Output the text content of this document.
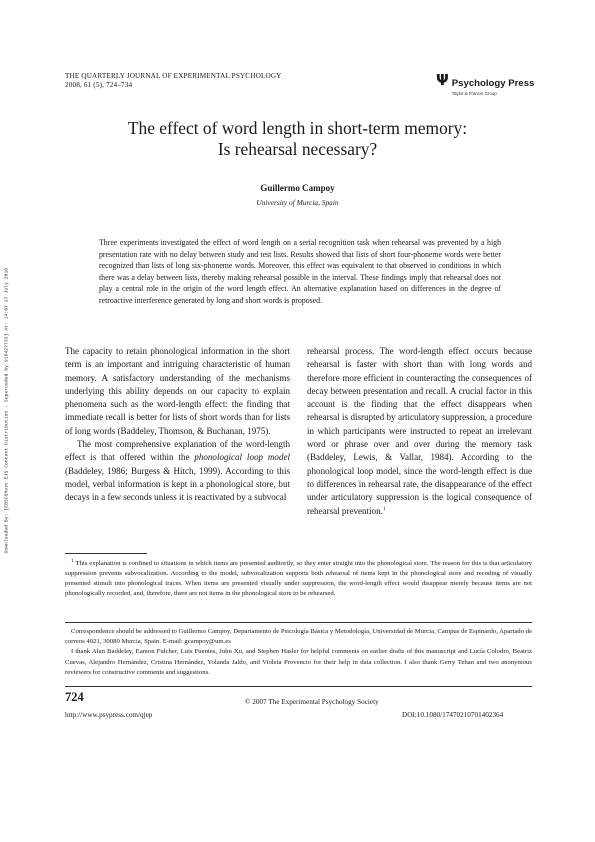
Downloaded By: [EBSCOHost EJS Content Distribution - Superceded by 916427733] At: 14:07 27 July 2010
THE QUARTERLY JOURNAL OF EXPERIMENTAL PSYCHOLOGY
2008, 61 (5), 724–734	Ψ Psychology Press
Taylor & Francis Group
The effect of word length in short-term memory:
Is rehearsal necessary?
Guillermo Campoy
University of Murcia, Spain
Three experiments investigated the effect of word length on a serial recognition task when rehearsal was prevented by a high presentation rate with no delay between study and test lists. Results showed that lists of short four-phoneme words were better recognized than lists of long six-phoneme words. Moreover, this effect was equivalent to that observed in conditions in which there was a delay between lists, thereby making rehearsal possible in the interval. These findings imply that rehearsal does not play a central role in the origin of the word length effect. An alternative explanation based on differences in the degree of retroactive interference generated by long and short words is proposed.

The capacity to retain phonological information in the short term is an important and intriguing characteristic of human memory. A satisfactory understanding of the mechanisms underlying this ability depends on our capacity to explain phenomena such as the word-length effect: the finding that immediate recall is better for lists of short words than for lists of long words (Baddeley, Thomson, & Buchanan, 1975).

The most comprehensive explanation of the word-length effect is that offered within the phonological loop model (Baddeley, 1986; Burgess & Hitch, 1999). According to this model, verbal information is kept in a phonological store, but decays in a few seconds unless it is reactivated by a subvocal

rehearsal process. The word-length effect occurs because rehearsal is faster with short than with long words and therefore more efficient in counteracting the consequences of decay between presentation and recall. A crucial factor in this account is the finding that the effect disappears when rehearsal is disrupted by articulatory suppression, a procedure in which participants were instructed to repeat an irrelevant word or phrase over and over during the memory task (Baddeley, Lewis, & Vallar, 1984). According to the phonological loop model, since the word-length effect is due to differences in rehearsal rate, the disappearance of the effect under articulatory suppression is the logical consequence of rehearsal prevention.$^1$

$^1$ This explanation is confined to situations in which items are presented auditorily, so they enter straight into the phonological store. The reason for this is that articulatory suppression prevents subvocalization. According to the model, subvocalization supports both rehearsal of items kept in the phonological store and recoding of visually presented stimuli into phonological traces. When items are presented visually under suppression, the word-length effect would disappear merely because items are not phonologically recorded, and, therefore, there are not items in the phonological store to be rehearsed.

Correspondence should be addressed to Guillermo Campoy, Departamento de Psicología Básica y Metodología, Universidad de Murcia, Campus de Espinardo, Apartado de correos 4021, 30080 Murcia, Spain. E-mail: gcampoy@um.es

I thank Alan Baddeley, Eamon Fulcher, Luis Fuentes, John Xu, and Stephen Hasler for helpful comments on earlier drafts of this manuscript and Lucía Colodro, Beatriz Cuevas, Alejandro Hernández, Cristina Hernández, Yolanda Jaldo, and Violeta Provencio for their help in data collection. I also thank Gerry Tehan and two anonymous reviewers for constructive comments and suggestions.

724	© 2007 The Experimental Psychology Society
http://www.psypress.com/qjep	DOI:10.1080/17470210701402364
